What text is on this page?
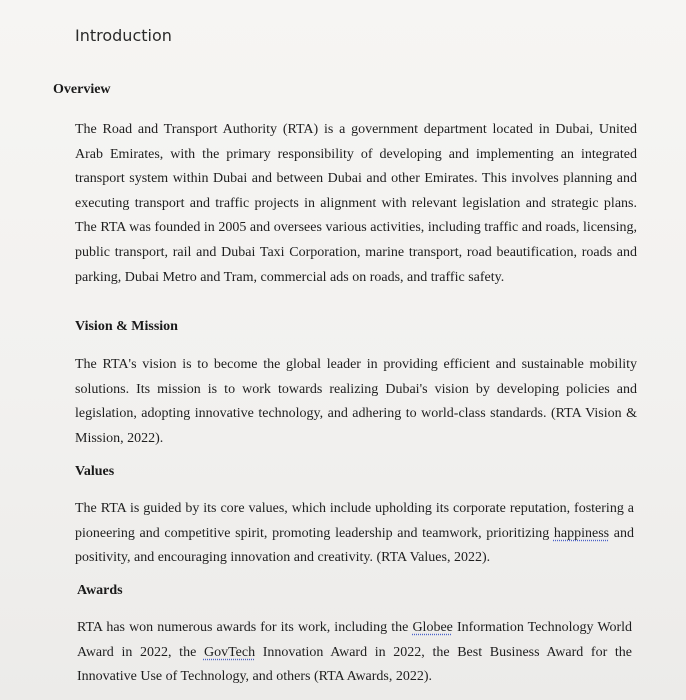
Introduction
Overview

The Road and Transport Authority (RTA) is a government department located in Dubai, United Arab Emirates, with the primary responsibility of developing and implementing an integrated transport system within Dubai and between Dubai and other Emirates. This involves planning and executing transport and traffic projects in alignment with relevant legislation and strategic plans. The RTA was founded in 2005 and oversees various activities, including traffic and roads, licensing, public transport, rail and Dubai Taxi Corporation, marine transport, road beautification, roads and parking, Dubai Metro and Tram, commercial ads on roads, and traffic safety.

Vision & Mission

The RTA's vision is to become the global leader in providing efficient and sustainable mobility solutions. Its mission is to work towards realizing Dubai's vision by developing policies and legislation, adopting innovative technology, and adhering to world-class standards. (RTA Vision & Mission, 2022).

Values

The RTA is guided by its core values, which include upholding its corporate reputation, fostering a pioneering and competitive spirit, promoting leadership and teamwork, prioritizing happiness and positivity, and encouraging innovation and creativity. (RTA Values, 2022).

Awards

RTA has won numerous awards for its work, including the Globee Information Technology World Award in 2022, the GovTech Innovation Award in 2022, the Best Business Award for the Innovative Use of Technology, and others (RTA Awards, 2022).
